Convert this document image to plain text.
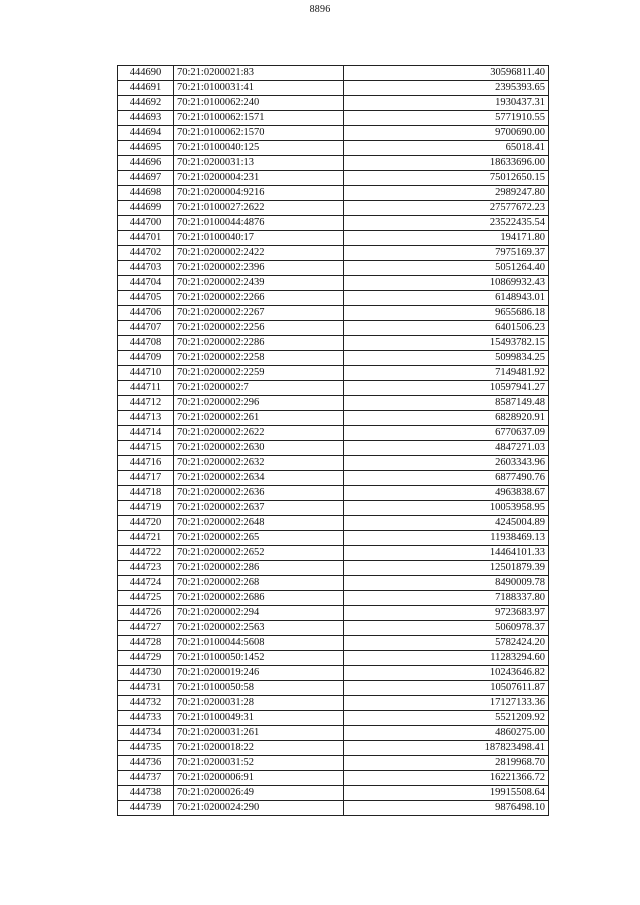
8896
444690	70:21:0200021:83	30596811.40
444691	70:21:0100031:41	2395393.65
444692	70:21:0100062:240	1930437.31
444693	70:21:0100062:1571	5771910.55
444694	70:21:0100062:1570	9700690.00
444695	70:21:0100040:125	65018.41
444696	70:21:0200031:13	18633696.00
444697	70:21:0200004:231	75012650.15
444698	70:21:0200004:9216	2989247.80
444699	70:21:0100027:2622	27577672.23
444700	70:21:0100044:4876	23522435.54
444701	70:21:0100040:17	194171.80
444702	70:21:0200002:2422	7975169.37
444703	70:21:0200002:2396	5051264.40
444704	70:21:0200002:2439	10869932.43
444705	70:21:0200002:2266	6148943.01
444706	70:21:0200002:2267	9655686.18
444707	70:21:0200002:2256	6401506.23
444708	70:21:0200002:2286	15493782.15
444709	70:21:0200002:2258	5099834.25
444710	70:21:0200002:2259	7149481.92
444711	70:21:0200002:7	10597941.27
444712	70:21:0200002:296	8587149.48
444713	70:21:0200002:261	6828920.91
444714	70:21:0200002:2622	6770637.09
444715	70:21:0200002:2630	4847271.03
444716	70:21:0200002:2632	2603343.96
444717	70:21:0200002:2634	6877490.76
444718	70:21:0200002:2636	4963838.67
444719	70:21:0200002:2637	10053958.95
444720	70:21:0200002:2648	4245004.89
444721	70:21:0200002:265	11938469.13
444722	70:21:0200002:2652	14464101.33
444723	70:21:0200002:286	12501879.39
444724	70:21:0200002:268	8490009.78
444725	70:21:0200002:2686	7188337.80
444726	70:21:0200002:294	9723683.97
444727	70:21:0200002:2563	5060978.37
444728	70:21:0100044:5608	5782424.20
444729	70:21:0100050:1452	11283294.60
444730	70:21:0200019:246	10243646.82
444731	70:21:0100050:58	10507611.87
444732	70:21:0200031:28	17127133.36
444733	70:21:0100049:31	5521209.92
444734	70:21:0200031:261	4860275.00
444735	70:21:0200018:22	187823498.41
444736	70:21:0200031:52	2819968.70
444737	70:21:0200006:91	16221366.72
444738	70:21:0200026:49	19915508.64
444739	70:21:0200024:290	9876498.10
